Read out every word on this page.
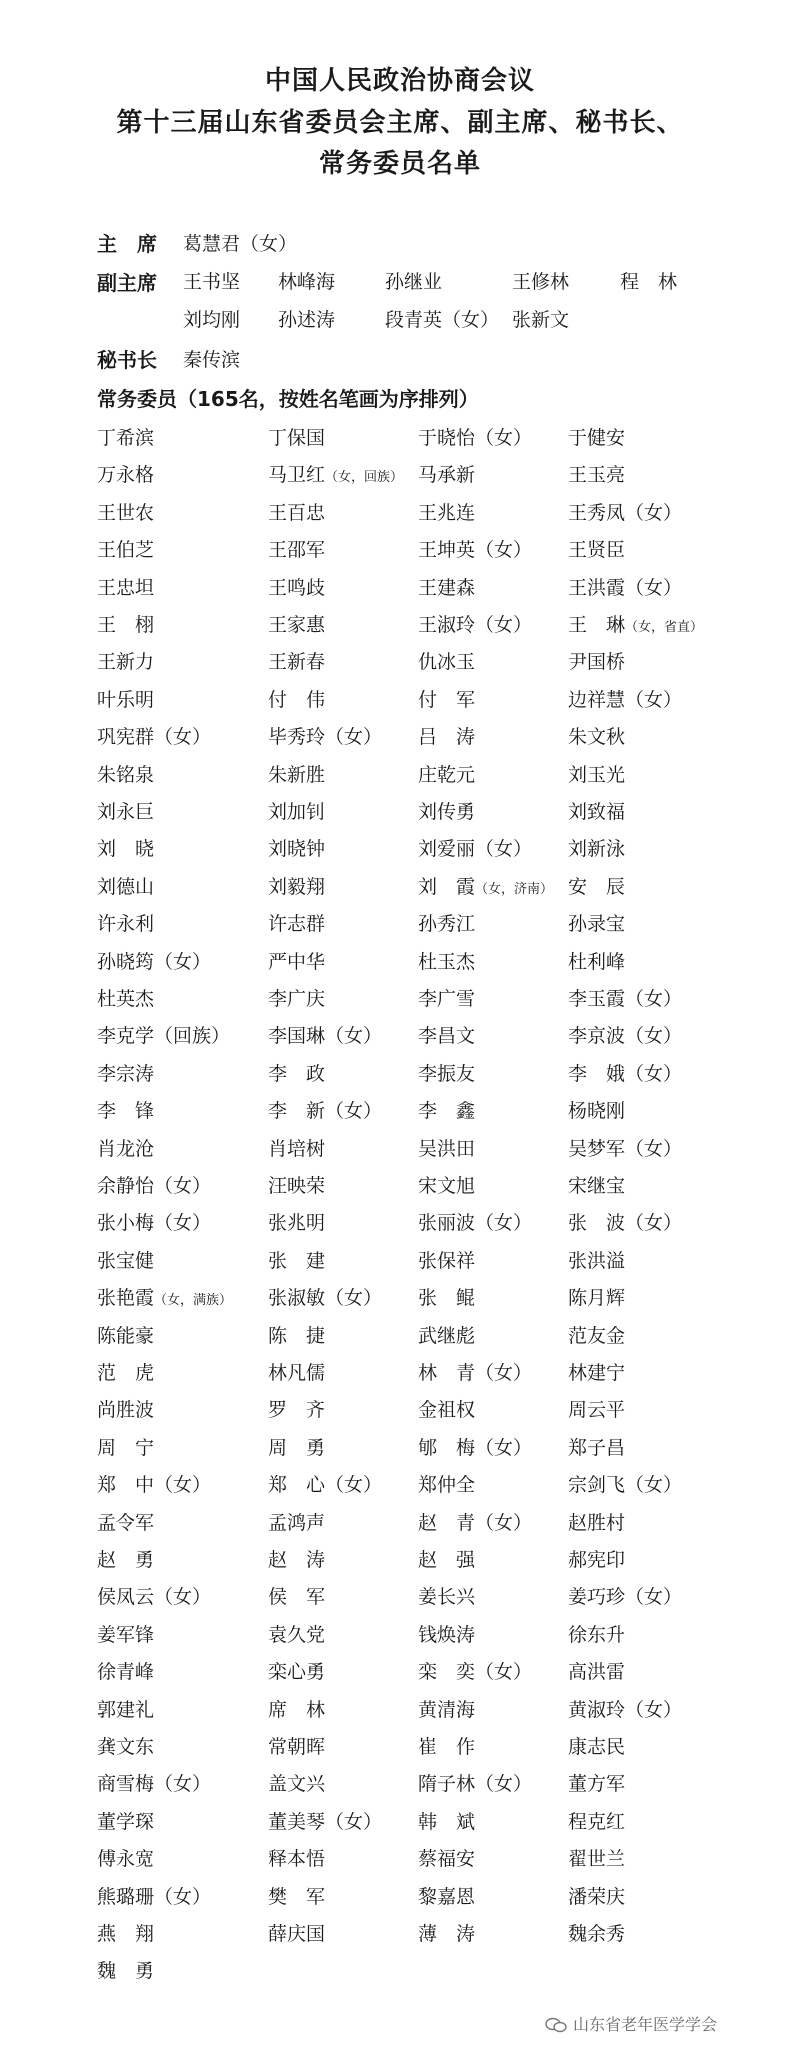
中国人民政治协商会议
第十三届山东省委员会主席、副主席、秘书长、
常务委员名单
主　席 葛慧君（女）
副主席 王书坚 林峰海	孙继业	王修林	程　林
刘均刚 孙述涛	段青英（女） 张新文
秘书长 秦传滨
常务委员（165名，按姓名笔画为序排列）
丁希滨	丁保国	于晓怡（女） 于健安
万永格	马卫红（女，回族） 马承新	王玉亮
王世农	王百忠	王兆连	王秀凤（女）
王伯芝	王邵军	王坤英（女） 王贤臣
王忠坦	王鸣歧	王建森	王洪霞（女）
王　栩	王家惠	王淑玲（女） 王　琳（女，省直）
王新力	王新春	仇冰玉	尹国桥
叶乐明	付　伟	付　军	边祥慧（女）
巩宪群（女）	毕秀玲（女） 吕　涛	朱文秋
朱铭泉	朱新胜	庄乾元	刘玉光
刘永巨	刘加钊	刘传勇	刘致福
刘　晓	刘晓钟	刘爱丽（女） 刘新泳
刘德山	刘毅翔	刘　霞（女，济南） 安　辰
许永利	许志群	孙秀江	孙录宝
孙晓筠（女）	严中华	杜玉杰	杜利峰
杜英杰	李广庆	李广雪	李玉霞（女）
李克学（回族） 李国琳（女） 李昌文	李京波（女）
李宗涛	李　政	李振友	李　娥（女）
李　锋	李　新（女） 李　鑫	杨晓刚
肖龙沧	肖培树	吴洪田	吴梦军（女）
余静怡（女）	汪映荣	宋文旭	宋继宝
张小梅（女）	张兆明	张丽波（女） 张　波（女）
张宝健	张　建	张保祥	张洪溢
张艳霞（女，满族） 张淑敏（女） 张　鲲	陈月辉
陈能豪	陈　捷	武继彪	范友金
范　虎	林凡儒	林　青（女） 林建宁
尚胜波	罗　齐	金祖权	周云平
周　宁	周　勇	郇　梅（女） 郑子昌
郑　中（女）	郑　心（女） 郑仲全	宗剑飞（女）
孟令军	孟鸿声	赵　青（女） 赵胜村
赵　勇	赵　涛	赵　强	郝宪印
侯凤云（女）	侯　军	姜长兴	姜巧珍（女）
姜军锋	袁久党	钱焕涛	徐东升
徐青峰	栾心勇	栾　奕（女） 高洪雷
郭建礼	席　林	黄清海	黄淑玲（女）
龚文东	常朝晖	崔　作	康志民
商雪梅（女）	盖文兴	隋子林（女） 董方军
董学琛	董美琴（女） 韩　斌	程克红
傅永宽	释本悟	蔡福安	翟世兰
熊璐珊（女）	樊　军	黎嘉恩	潘荣庆
燕　翔	薛庆国	薄　涛	魏余秀
魏　勇
山东省老年医学学会
